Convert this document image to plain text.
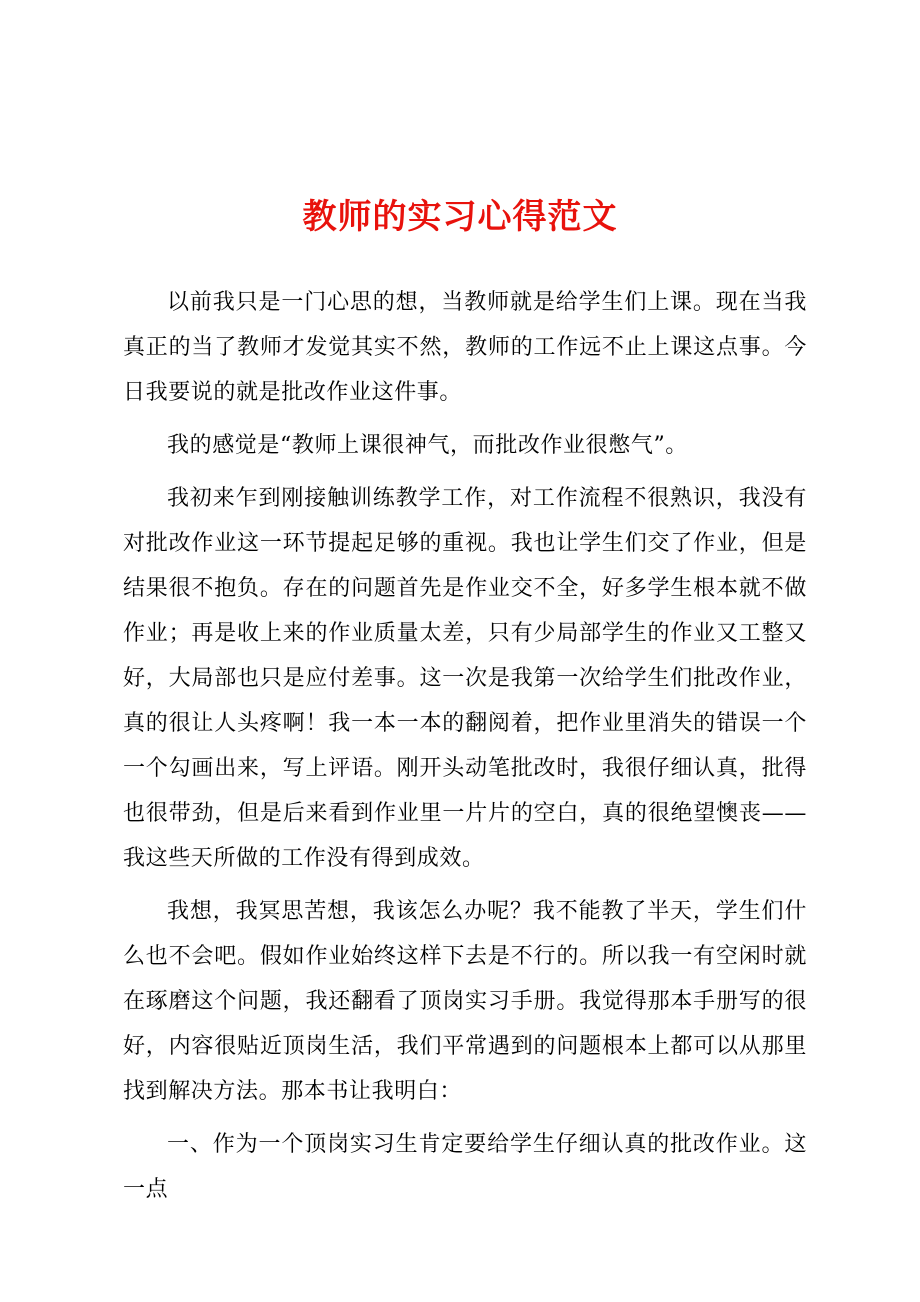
教师的实习心得范文

以前我只是一门心思的想，当教师就是给学生们上课。现在当我真正的当了教师才发觉其实不然，教师的工作远不止上课这点事。今日我要说的就是批改作业这件事。

我的感觉是“教师上课很神气，而批改作业很憋气”。

我初来乍到刚接触训练教学工作，对工作流程不很熟识，我没有对批改作业这一环节提起足够的重视。我也让学生们交了作业，但是结果很不抱负。存在的问题首先是作业交不全，好多学生根本就不做作业；再是收上来的作业质量太差，只有少局部学生的作业又工整又好，大局部也只是应付差事。这一次是我第一次给学生们批改作业，真的很让人头疼啊！我一本一本的翻阅着，把作业里消失的错误一个一个勾画出来，写上评语。刚开头动笔批改时，我很仔细认真，批得也很带劲，但是后来看到作业里一片片的空白，真的很绝望懊丧——我这些天所做的工作没有得到成效。

我想，我冥思苦想，我该怎么办呢？我不能教了半天，学生们什么也不会吧。假如作业始终这样下去是不行的。所以我一有空闲时就在琢磨这个问题，我还翻看了顶岗实习手册。我觉得那本手册写的很好，内容很贴近顶岗生活，我们平常遇到的问题根本上都可以从那里找到解决方法。那本书让我明白：

一、作为一个顶岗实习生肯定要给学生仔细认真的批改作业。这一点
